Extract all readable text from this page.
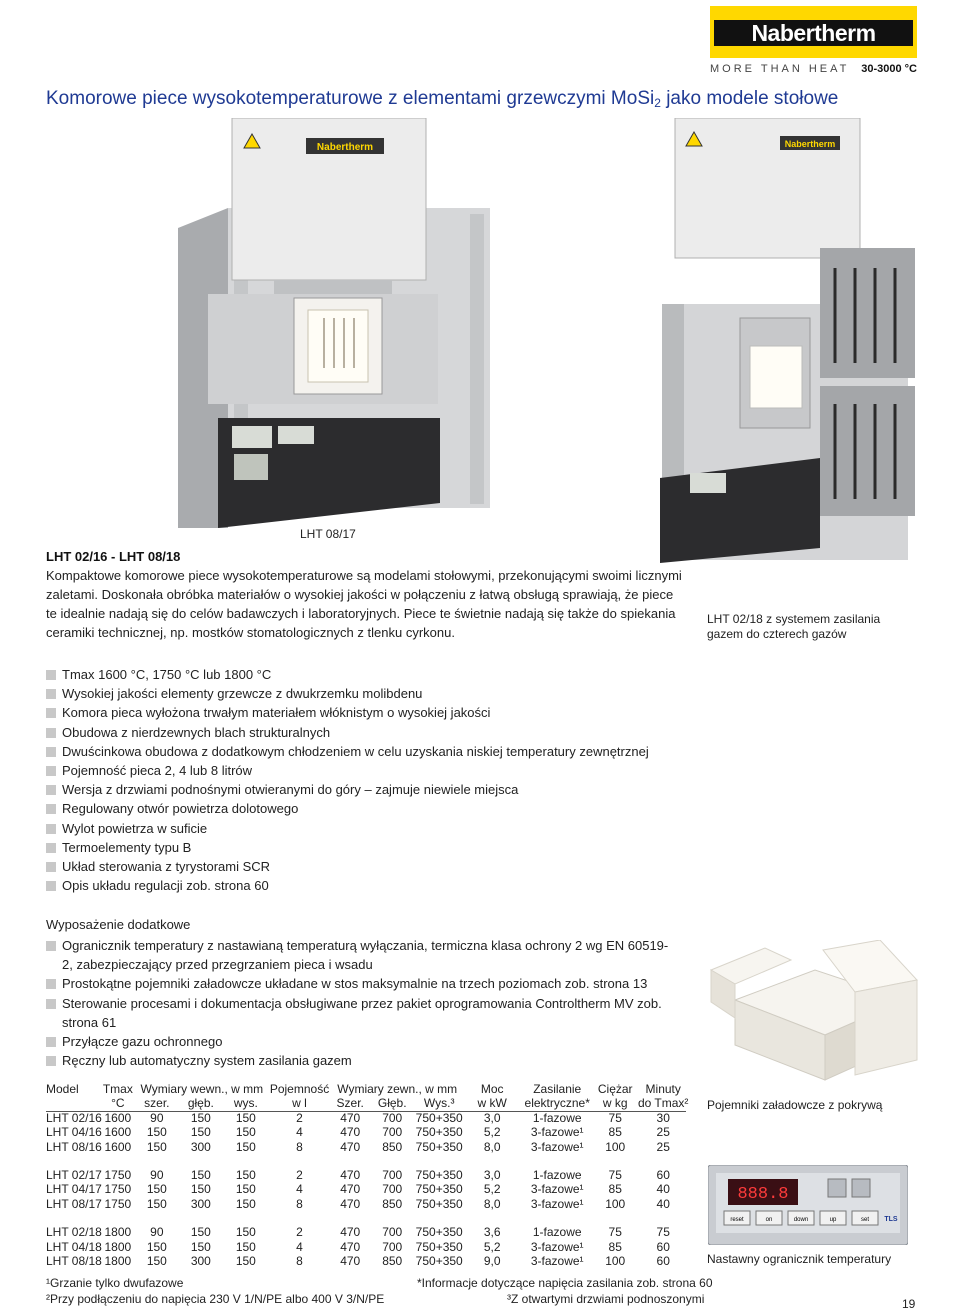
Nabertherm
MORE THAN HEAT 30-3000 °C
Komorowe piece wysokotemperaturowe z elementami grzewczymi MoSi$_2$ jako modele stołowe
Nabertherm
LHT 08/17
Nabertherm
LHT 02/18 z systemem zasilania gazem do czterech gazów
LHT 02/16 - LHT 08/18
Kompaktowe komorowe piece wysokotemperaturowe są modelami stołowymi, przekonującymi swoimi licznymi zaletami. Doskonała obróbka materiałów o wysokiej jakości w połączeniu z łatwą obsługą sprawiają, że piece te idealnie nadają się do celów badawczych i laboratoryjnych. Piece te świetnie nadają się także do spiekania ceramiki technicznej, np. mostków stomatologicznych z tlenku cyrkonu.
Tmax 1600 °C, 1750 °C lub 1800 °C
Wysokiej jakości elementy grzewcze z dwukrzemku molibdenu
Komora pieca wyłożona trwałym materiałem włóknistym o wysokiej jakości
Obudowa z nierdzewnych blach strukturalnych
Dwuścinkowa obudowa z dodatkowym chłodzeniem w celu uzyskania niskiej temperatury zewnętrznej
Pojemność pieca 2, 4 lub 8 litrów
Wersja z drzwiami podnośnymi otwieranymi do góry – zajmuje niewiele miejsca
Regulowany otwór powietrza dolotowego
Wylot powietrza w suficie
Termoelementy typu B
Układ sterowania z tyrystorami SCR
Opis układu regulacji zob. strona 60
Wyposażenie dodatkowe
Ogranicznik temperatury z nastawianą temperaturą wyłączania, termiczna klasa ochrony 2 wg EN 60519-2, zabezpieczający przed przegrzaniem pieca i wsadu
Prostokątne pojemniki załadowcze układane w stos maksymalnie na trzech poziomach zob. strona 13
Sterowanie procesami i dokumentacja obsługiwane przez pakiet oprogramowania Controltherm MV zob. strona 61
Przyłącze gazu ochronnego
Ręczny lub automatyczny system zasilania gazem
Pojemniki załadowcze z pokrywą
888.8
reset	on	down	up	set TLS
Nastawny ogranicznik temperatury
Model	Tmax	Wymiary wewn., w mm			Pojemność	Wymiary zewn., w mm			Moc	Zasilanie	Ciężar	Minuty
	°C	szer.	głęb.	wys.	w l	Szer.	Głęb.	Wys.³	w kW	elektryczne*	w kg	do Tmax²
LHT 02/16	1600	90	150	150	2	470	700	750+350	3,0	1-fazowe	75	30
LHT 04/16	1600	150	150	150	4	470	700	750+350	5,2	3-fazowe¹	85	25
LHT 08/16	1600	150	300	150	8	470	850	750+350	8,0	3-fazowe¹	100	25

LHT 02/17	1750	90	150	150	2	470	700	750+350	3,0	1-fazowe	75	60
LHT 04/17	1750	150	150	150	4	470	700	750+350	5,2	3-fazowe¹	85	40
LHT 08/17	1750	150	300	150	8	470	850	750+350	8,0	3-fazowe¹	100	40

LHT 02/18	1800	90	150	150	2	470	700	750+350	3,6	1-fazowe	75	75
LHT 04/18	1800	150	150	150	4	470	700	750+350	5,2	3-fazowe¹	85	60
LHT 08/18	1800	150	300	150	8	470	850	750+350	9,0	3-fazowe¹	100	60
¹Grzanie tylko dwufazowe
²Przy podłączeniu do napięcia 230 V 1/N/PE albo 400 V 3/N/PE
*Informacje dotyczące napięcia zasilania zob. strona 60
³Z otwartymi drzwiami podnoszonymi	19
